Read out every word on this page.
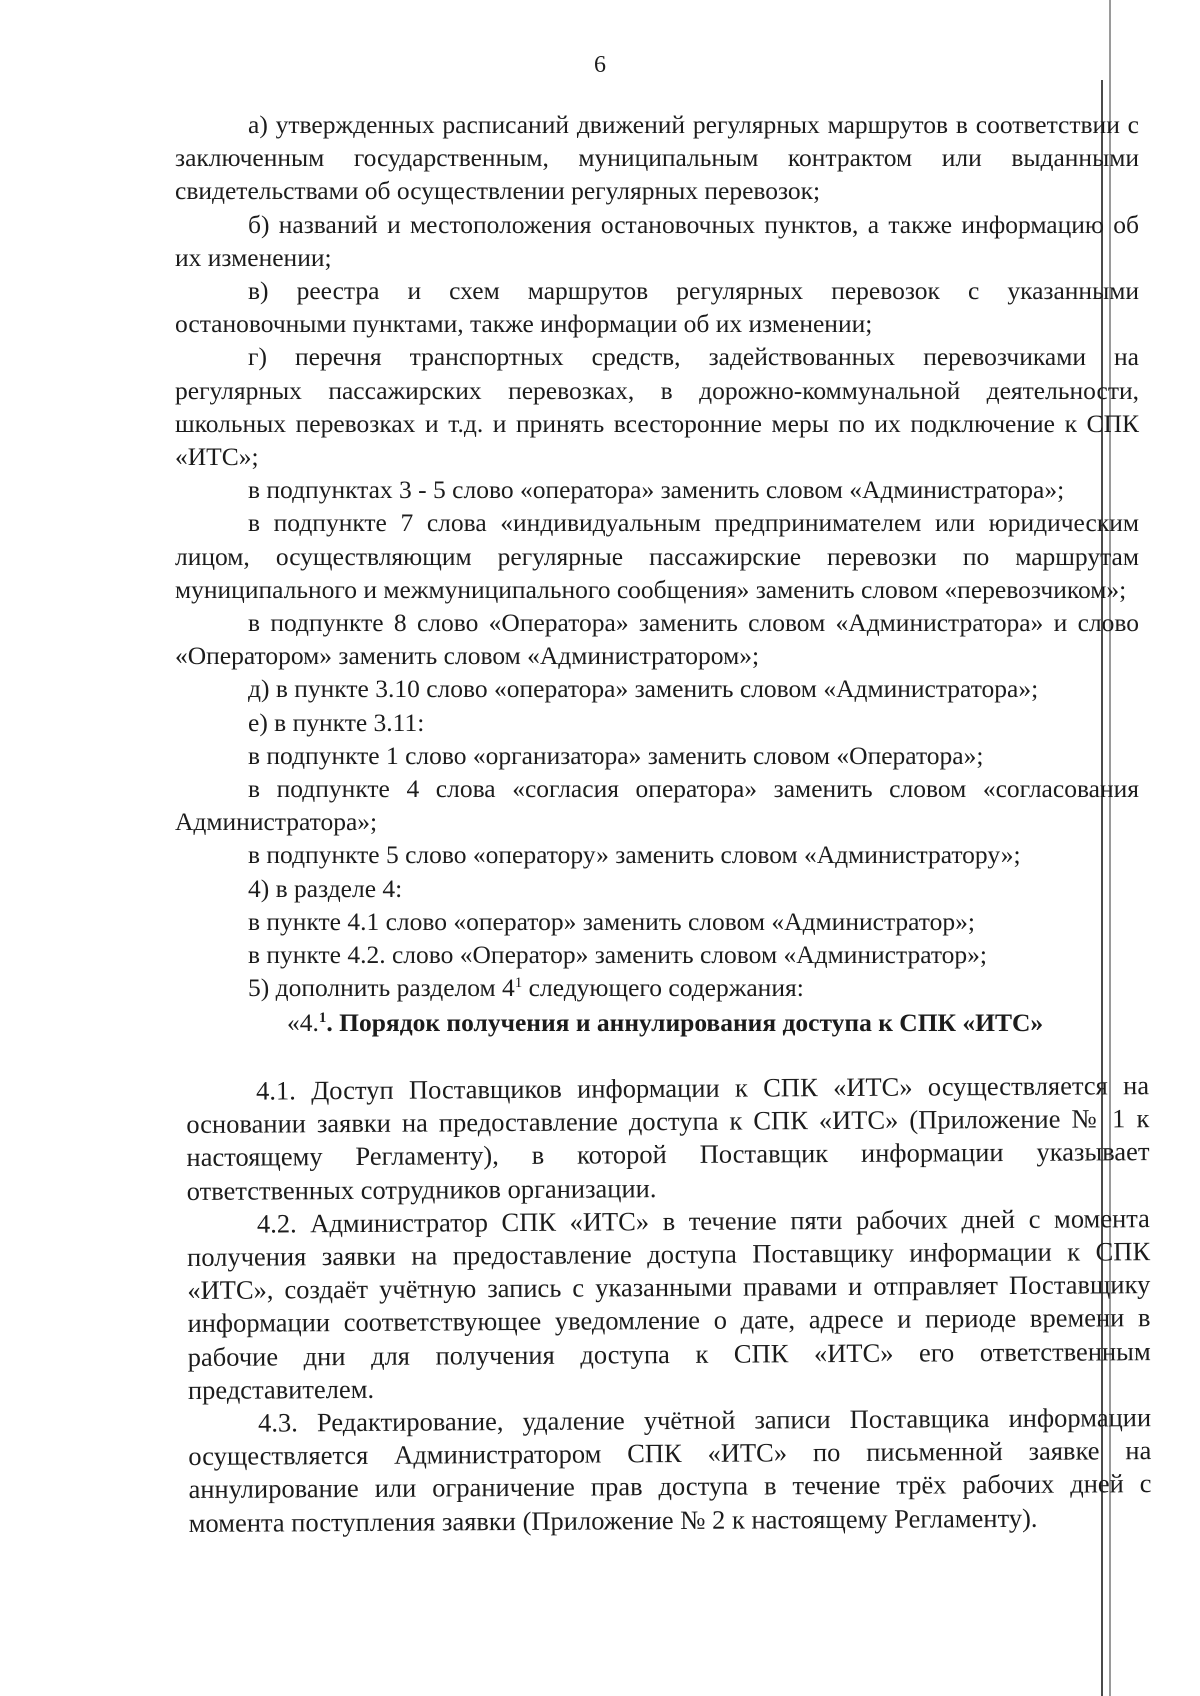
6

а) утвержденных расписаний движений регулярных маршрутов в соответствии с заключенным государственным, муниципальным контрактом или выданными свидетельствами об осуществлении регулярных перевозок;

б) названий и местоположения остановочных пунктов, а также информацию об их изменении;

в) реестра и схем маршрутов регулярных перевозок с указанными остановочными пунктами, также информации об их изменении;

г) перечня транспортных средств, задействованных перевозчиками на регулярных пассажирских перевозках, в дорожно-коммунальной деятельности, школьных перевозках и т.д. и принять всесторонние меры по их подключение к СПК «ИТС»;

в подпунктах 3 - 5 слово «оператора» заменить словом «Администратора»;

в подпункте 7 слова «индивидуальным предпринимателем или юридическим лицом, осуществляющим регулярные пассажирские перевозки по маршрутам муниципального и межмуниципального сообщения» заменить словом «перевозчиком»;

в подпункте 8 слово «Оператора» заменить словом «Администратора» и слово «Оператором» заменить словом «Администратором»;

д) в пункте 3.10 слово «оператора» заменить словом «Администратора»;

е) в пункте 3.11:

в подпункте 1 слово «организатора» заменить словом «Оператора»;

в подпункте 4 слова «согласия оператора» заменить словом «согласования Администратора»;

в подпункте 5 слово «оператору» заменить словом «Администратору»;

4) в разделе 4:

в пункте 4.1 слово «оператор» заменить словом «Администратор»;

в пункте 4.2. слово «Оператор» заменить словом «Администратор»;

5) дополнить разделом $4^1$ следующего содержания:

«4.$^1$. Порядок получения и аннулирования доступа к СПК «ИТС»

4.1. Доступ Поставщиков информации к СПК «ИТС» осуществляется на основании заявки на предоставление доступа к СПК «ИТС» (Приложение № 1 к настоящему Регламенту), в которой Поставщик информации указывает ответственных сотрудников организации.

4.2. Администратор СПК «ИТС» в течение пяти рабочих дней с момента получения заявки на предоставление доступа Поставщику информации к СПК «ИТС», создаёт учётную запись с указанными правами и отправляет Поставщику информации соответствующее уведомление о дате, адресе и периоде времени в рабочие дни для получения доступа к СПК «ИТС» его ответственным представителем.

4.3. Редактирование, удаление учётной записи Поставщика информации осуществляется Администратором СПК «ИТС» по письменной заявке на аннулирование или ограничение прав доступа в течение трёх рабочих дней с момента поступления заявки (Приложение № 2 к настоящему Регламенту).
